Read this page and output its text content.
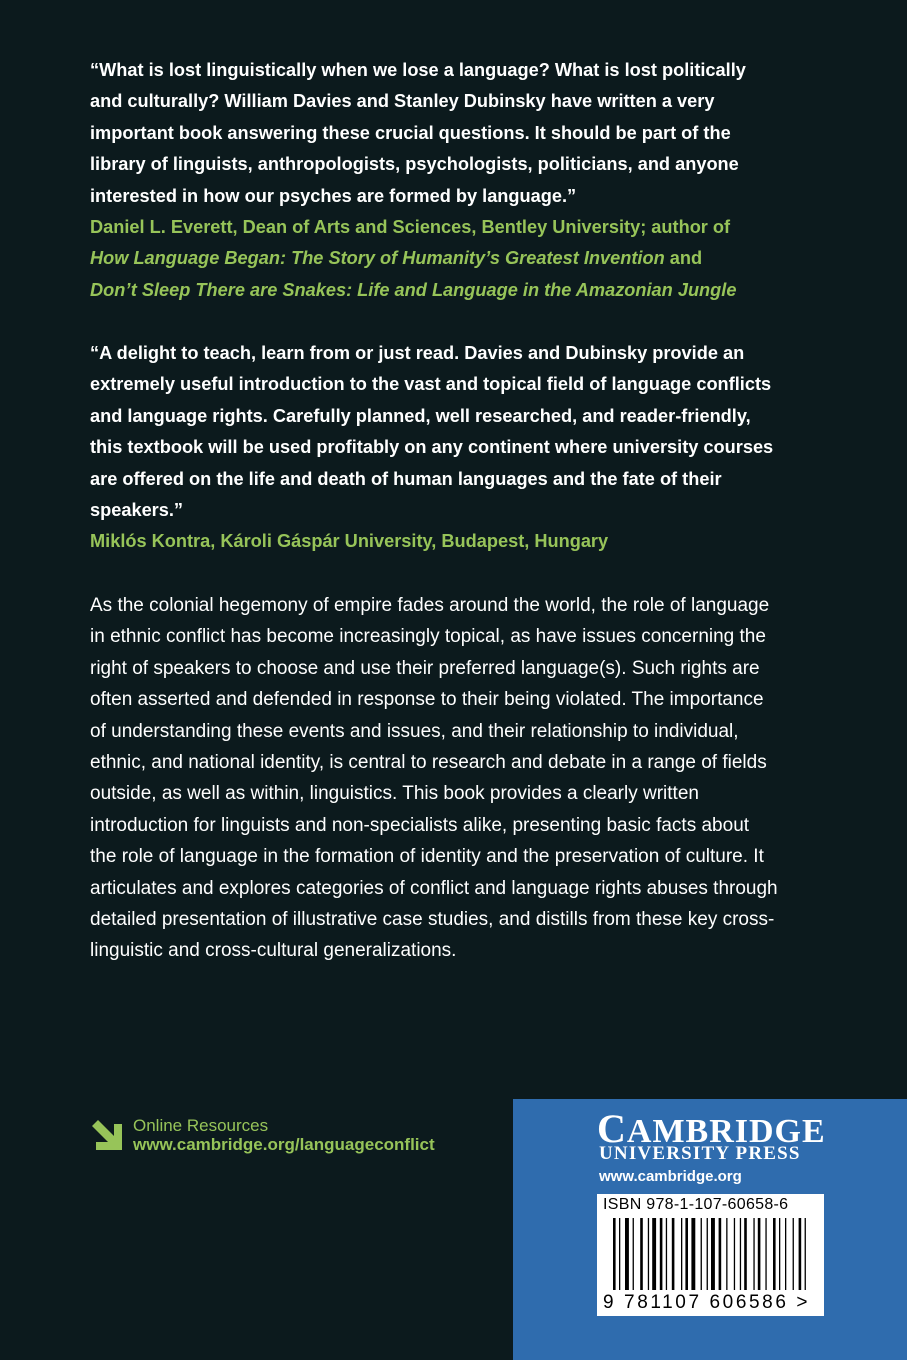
“What is lost linguistically when we lose a language? What is lost politically and culturally? William Davies and Stanley Dubinsky have written a very important book answering these crucial questions. It should be part of the library of linguists, anthropologists, psychologists, politicians, and anyone interested in how our psyches are formed by language.”

Daniel L. Everett, Dean of Arts and Sciences, Bentley University; author of
How Language Began: The Story of Humanity’s Greatest Invention and
Don’t Sleep There are Snakes: Life and Language in the Amazonian Jungle

“A delight to teach, learn from or just read. Davies and Dubinsky provide an extremely useful introduction to the vast and topical field of language conflicts and language rights. Carefully planned, well researched, and reader-friendly, this textbook will be used profitably on any continent where university courses are offered on the life and death of human languages and the fate of their speakers.”

Miklós Kontra, Károli Gáspár University, Budapest, Hungary

As the colonial hegemony of empire fades around the world, the role of language in ethnic conflict has become increasingly topical, as have issues concerning the right of speakers to choose and use their preferred language(s). Such rights are often asserted and defended in response to their being violated. The importance of understanding these events and issues, and their relationship to individual, ethnic, and national identity, is central to research and debate in a range of fields outside, as well as within, linguistics. This book provides a clearly written introduction for linguists and non-specialists alike, presenting basic facts about the role of language in the formation of identity and the preservation of culture. It articulates and explores categories of conflict and language rights abuses through detailed presentation of illustrative case studies, and distills from these key cross-linguistic and cross-cultural generalizations.

Online Resources
www.cambridge.org/languageconflict	CAMBRIDGE
UNIVERSITY PRESS
www.cambridge.org
ISBN 978-1-107-60658-6
9 781107 606586 >
